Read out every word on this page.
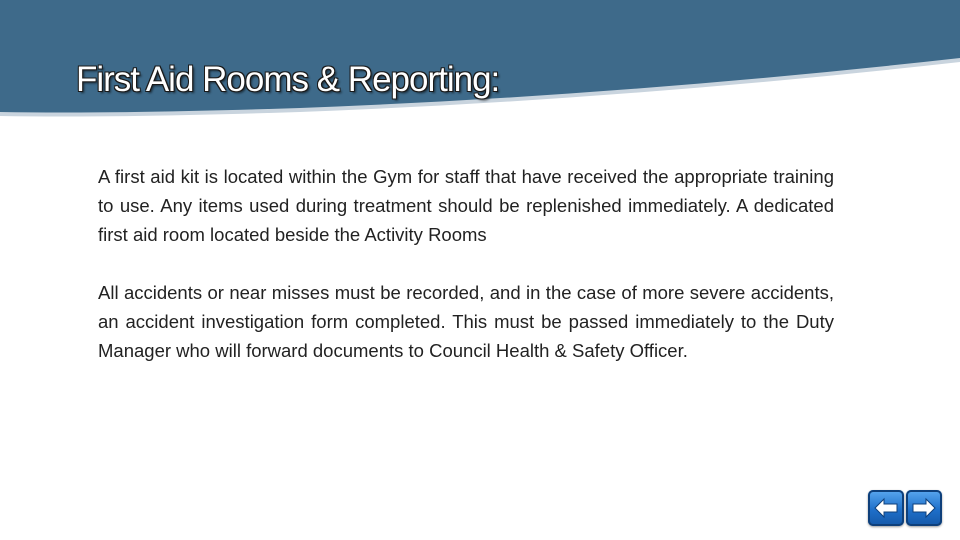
First Aid Rooms & Reporting:

A first aid kit is located within the Gym for staff that have received the appropriate training to use. Any items used during treatment should be replenished immediately. A dedicated first aid room located beside the Activity Rooms

All accidents or near misses must be recorded, and in the case of more severe accidents, an accident investigation form completed. This must be passed immediately to the Duty Manager who will forward documents to Council Health & Safety Officer.
